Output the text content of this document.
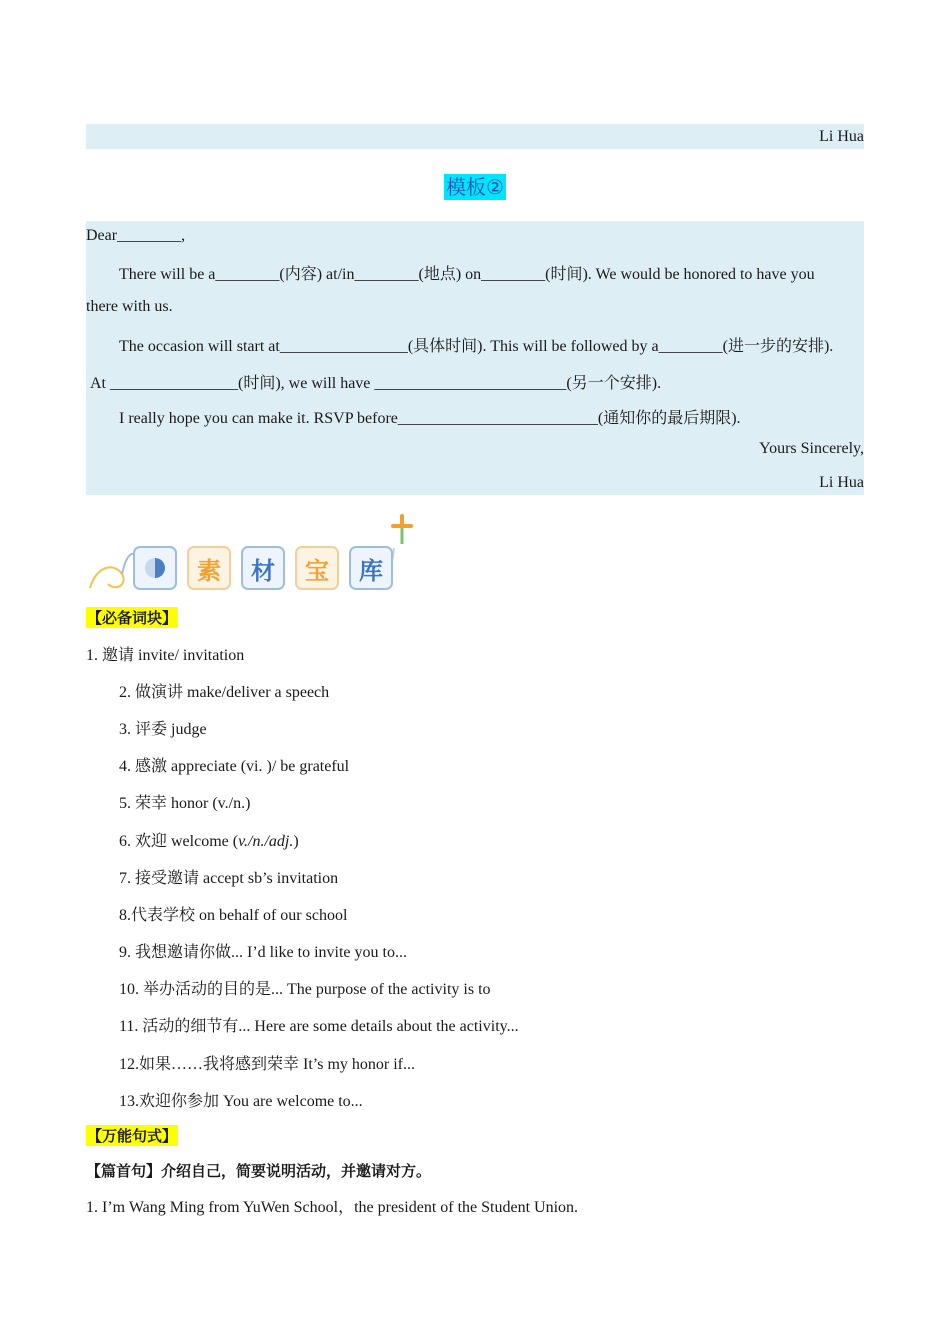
Li Hua
模板②
Dear________,
There will be a________(内容) at/in________(地点) on________(时间). We would be honored to have you
there with us.
The occasion will start at________________(具体时间). This will be followed by a________(进一步的安排).
At ________________(时间), we will have ________________________(另一个安排).
I really hope you can make it. RSVP before_________________________(通知你的最后期限).
Yours Sincerely,
Li Hua
素 材 宝 库
【必备词块】
1. 邀请 invite/ invitation
2. 做演讲 make/deliver a speech
3. 评委 judge
4. 感激 appreciate (vi. )/ be grateful
5. 荣幸 honor (v./n.)
6. 欢迎 welcome (v./n./adj.)
7. 接受邀请 accept sb’s invitation
8.代表学校 on behalf of our school
9. 我想邀请你做... I’d like to invite you to...
10. 举办活动的目的是... The purpose of the activity is to
11. 活动的细节有... Here are some details about the activity...
12.如果……我将感到荣幸 It’s my honor if...
13.欢迎你参加 You are welcome to...
【万能句式】
【篇首句】介绍自己，简要说明活动，并邀请对方。
1. I’m Wang Ming from YuWen School，the president of the Student Union.
